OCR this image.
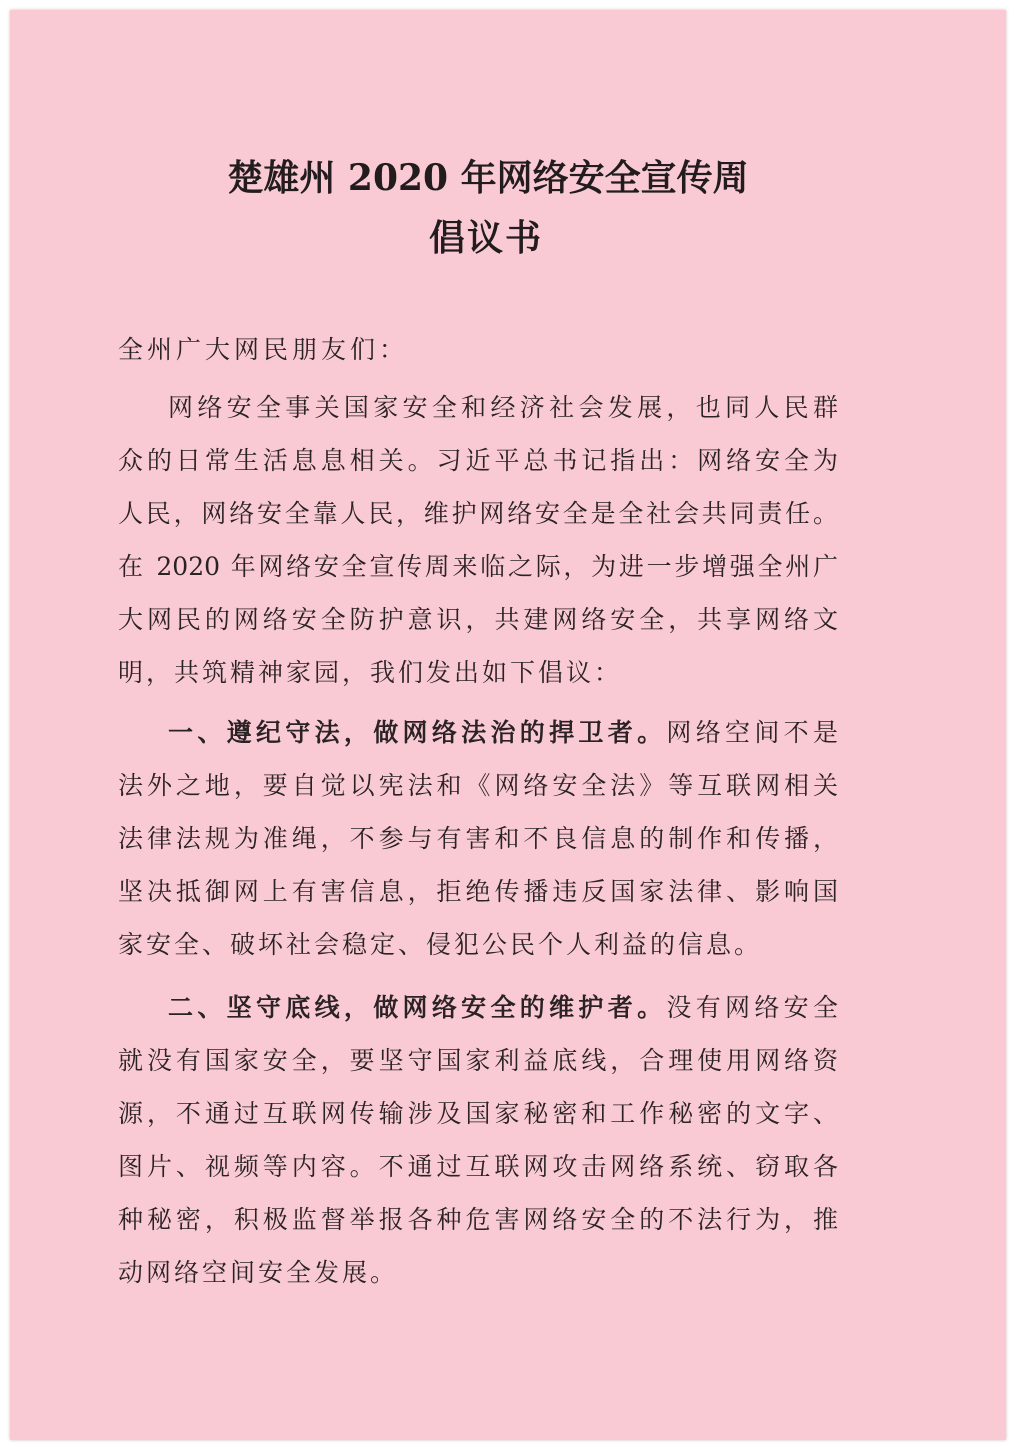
楚雄州 2020 年网络安全宣传周
倡议书

全州广大网民朋友们：

网络安全事关国家安全和经济社会发展，也同人民群

众的日常生活息息相关。习近平总书记指出：网络安全为

人民，网络安全靠人民，维护网络安全是全社会共同责任。

在 2020 年网络安全宣传周来临之际，为进一步增强全州广

大网民的网络安全防护意识，共建网络安全，共享网络文

明，共筑精神家园，我们发出如下倡议：

一、遵纪守法，做网络法治的捍卫者。网络空间不是

法外之地，要自觉以宪法和《网络安全法》等互联网相关

法律法规为准绳，不参与有害和不良信息的制作和传播，

坚决抵御网上有害信息，拒绝传播违反国家法律、影响国

家安全、破坏社会稳定、侵犯公民个人利益的信息。

二、坚守底线，做网络安全的维护者。没有网络安全

就没有国家安全，要坚守国家利益底线，合理使用网络资

源，不通过互联网传输涉及国家秘密和工作秘密的文字、

图片、视频等内容。不通过互联网攻击网络系统、窃取各

种秘密，积极监督举报各种危害网络安全的不法行为，推

动网络空间安全发展。
